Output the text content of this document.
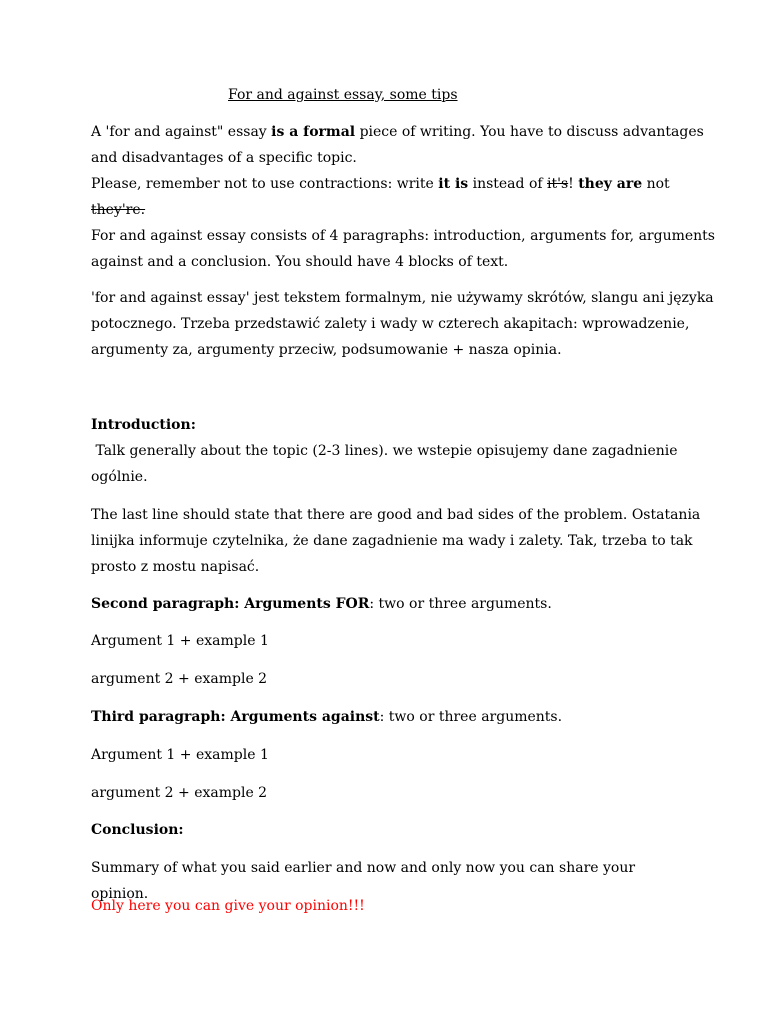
For and against essay, some tips
A 'for and against" essay is a formal piece of writing. You have to discuss advantages
and disadvantages of a specific topic.
Please, remember not to use contractions: write it is instead of it's! they are not
they're.
For and against essay consists of 4 paragraphs: introduction, arguments for, arguments
against and a conclusion. You should have 4 blocks of text.
'for and against essay' jest tekstem formalnym, nie używamy skrótów, slangu ani języka
potocznego. Trzeba przedstawić zalety i wady w czterech akapitach: wprowadzenie,
argumenty za, argumenty przeciw, podsumowanie + nasza opinia.
Introduction:
Talk generally about the topic (2-3 lines). we wstepie opisujemy dane zagadnienie
ogólnie.
The last line should state that there are good and bad sides of the problem. Ostatania
linijka informuje czytelnika, że dane zagadnienie ma wady i zalety. Tak, trzeba to tak
prosto z mostu napisać.
Second paragraph: Arguments FOR: two or three arguments.
Argument 1 + example 1
argument 2 + example 2
Third paragraph: Arguments against: two or three arguments.
Argument 1 + example 1
argument 2 + example 2
Conclusion:
Summary of what you said earlier and now and only now you can share your opinion.
Only here you can give your opinion!!!
